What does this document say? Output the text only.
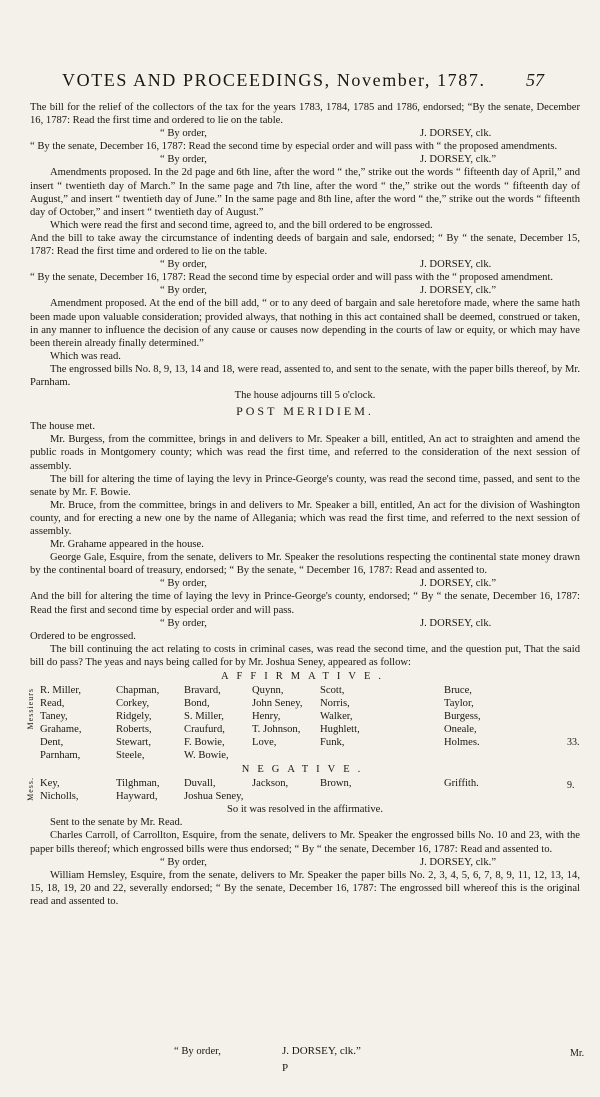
VOTES AND PROCEEDINGS, November, 1787. 57
The bill for the relief of the collectors of the tax for the years 1783, 1784, 1785 and 1786, endorsed; “By the senate, December 16, 1787: Read the first time and ordered to lie on the table.
“ By order,	J. DORSEY, clk.
“ By the senate, December 16, 1787: Read the second time by especial order and will pass with “ the proposed amendments.
“ By order,	J. DORSEY, clk.”
Amendments proposed. In the 2d page and 6th line, after the word “ the,” strike out the words “ fifteenth day of April,” and insert “ twentieth day of March.” In the same page and 7th line, after the word “ the,” strike out the words “ fifteenth day of August,” and insert “ twentieth day of June.” In the same page and 8th line, after the word “ the,” strike out the words “ fifteenth day of October,” and insert “ twentieth day of August.”
Which were read the first and second time, agreed to, and the bill ordered to be engrossed.
And the bill to take away the circumstance of indenting deeds of bargain and sale, endorsed; “ By “ the senate, December 15, 1787: Read the first time and ordered to lie on the table.
“ By order,	J. DORSEY, clk.
“ By the senate, December 16, 1787: Read the second time by especial order and will pass with the “ proposed amendment.
“ By order,	J. DORSEY, clk.”
Amendment proposed. At the end of the bill add, “ or to any deed of bargain and sale heretofore made, where the same hath been made upon valuable consideration; provided always, that nothing in this act contained shall be deemed, construed or taken, in any manner to influence the decision of any cause or causes now depending in the courts of law or equity, or which may have been therein already finally determined.”
Which was read.
The engrossed bills No. 8, 9, 13, 14 and 18, were read, assented to, and sent to the senate, with the paper bills thereof, by Mr. Parnham.
The house adjourns till 5 o'clock.
POST MERIDIEM.
The house met.
Mr. Burgess, from the committee, brings in and delivers to Mr. Speaker a bill, entitled, An act to straighten and amend the public roads in Montgomery county; which was read the first time, and referred to the consideration of the next session of assembly.
The bill for altering the time of laying the levy in Prince-George's county, was read the second time, passed, and sent to the senate by Mr. F. Bowie.
Mr. Bruce, from the committee, brings in and delivers to Mr. Speaker a bill, entitled, An act for the division of Washington county, and for erecting a new one by the name of Allegania; which was read the first time, and referred to the next session of assembly.
Mr. Grahame appeared in the house.
George Gale, Esquire, from the senate, delivers to Mr. Speaker the resolutions respecting the continental state money drawn by the continental board of treasury, endorsed; “ By the senate, “ December 16, 1787: Read and assented to.
“ By order,	J. DORSEY, clk.”
And the bill for altering the time of laying the levy in Prince-George's county, endorsed; “ By “ the senate, December 16, 1787: Read the first and second time by especial order and will pass.
“ By order,	J. DORSEY, clk.
Ordered to be engrossed.
The bill continuing the act relating to costs in criminal cases, was read the second time, and the question put, That the said bill do pass? The yeas and nays being called for by Mr. Joshua Seney, appeared as follow:
AFFIRMATIVE.
Messieurs
33.
R. Miller,	Chapman,	Bravard,	Quynn,	Scott,	Bruce,
Read,	Corkey,	Bond,	John Seney,	Norris,	Taylor,
Taney,	Ridgely,	S. Miller,	Henry,	Walker,	Burgess,
Grahame,	Roberts,	Craufurd,	T. Johnson,	Hughlett,	Oneale,
Dent,	Stewart,	F. Bowie,	Love,	Funk,	Holmes.
Parnham,	Steele,	W. Bowie,
NEGATIVE.
Mess.	9.
Key,	Tilghman,	Duvall,	Jackson,	Brown,	Griffith.
Nicholls,	Hayward,	Joshua Seney,
So it was resolved in the affirmative.
Sent to the senate by Mr. Read.
Charles Carroll, of Carrollton, Esquire, from the senate, delivers to Mr. Speaker the engrossed bills No. 10 and 23, with the paper bills thereof; which engrossed bills were thus endorsed; “ By “ the senate, December 16, 1787: Read and assented to.
“ By order,	J. DORSEY, clk.”
William Hemsley, Esquire, from the senate, delivers to Mr. Speaker the paper bills No. 2, 3, 4, 5, 6, 7, 8, 9, 11, 12, 13, 14, 15, 18, 19, 20 and 22, severally endorsed; “ By the senate, December 16, 1787: The engrossed bill whereof this is the original read and assented to.
“ By order,	J. DORSEY, clk.”
P
Mr.
